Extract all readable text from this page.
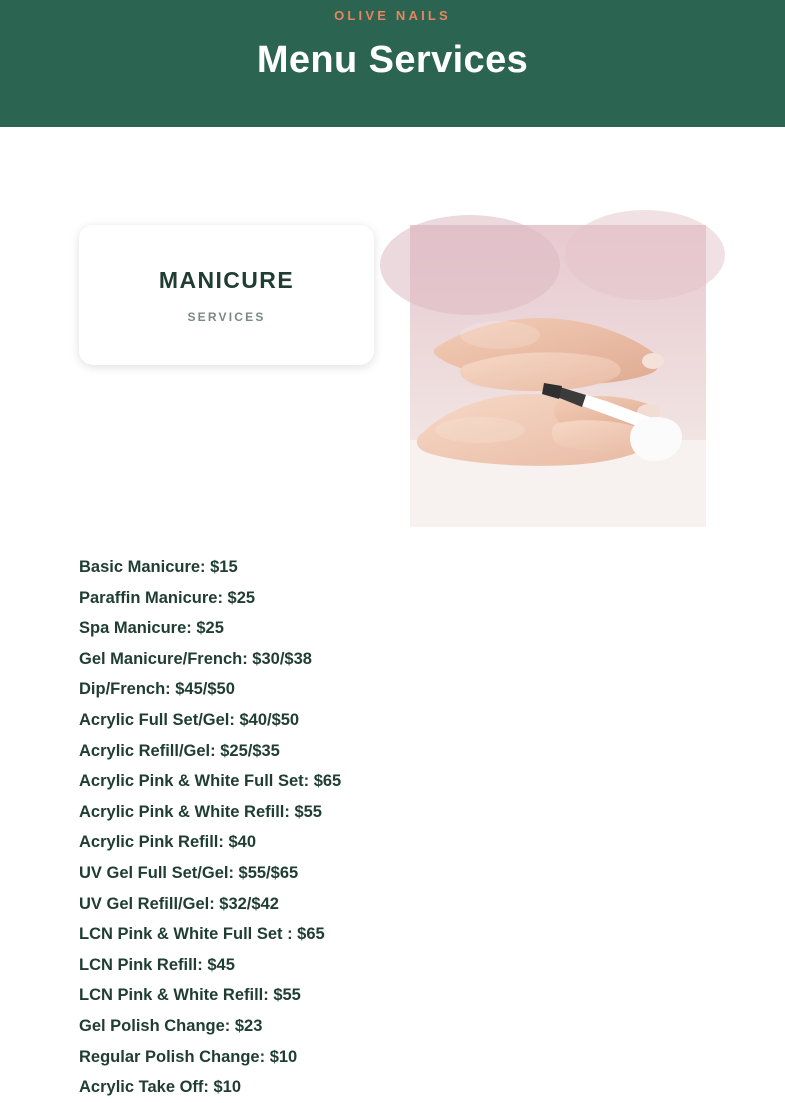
OLIVE NAILS
Menu Services
MANICURE
SERVICES
Basic Manicure: $15
Paraffin Manicure: $25
Spa Manicure: $25
Gel Manicure/French: $30/$38
Dip/French: $45/$50
Acrylic Full Set/Gel: $40/$50
Acrylic Refill/Gel: $25/$35
Acrylic Pink & White Full Set: $65
Acrylic Pink & White Refill: $55
Acrylic Pink Refill: $40
UV Gel Full Set/Gel: $55/$65
UV Gel Refill/Gel: $32/$42
LCN Pink & White Full Set : $65
LCN Pink Refill: $45
LCN Pink & White Refill: $55
Gel Polish Change: $23
Regular Polish Change: $10
Acrylic Take Off: $10
